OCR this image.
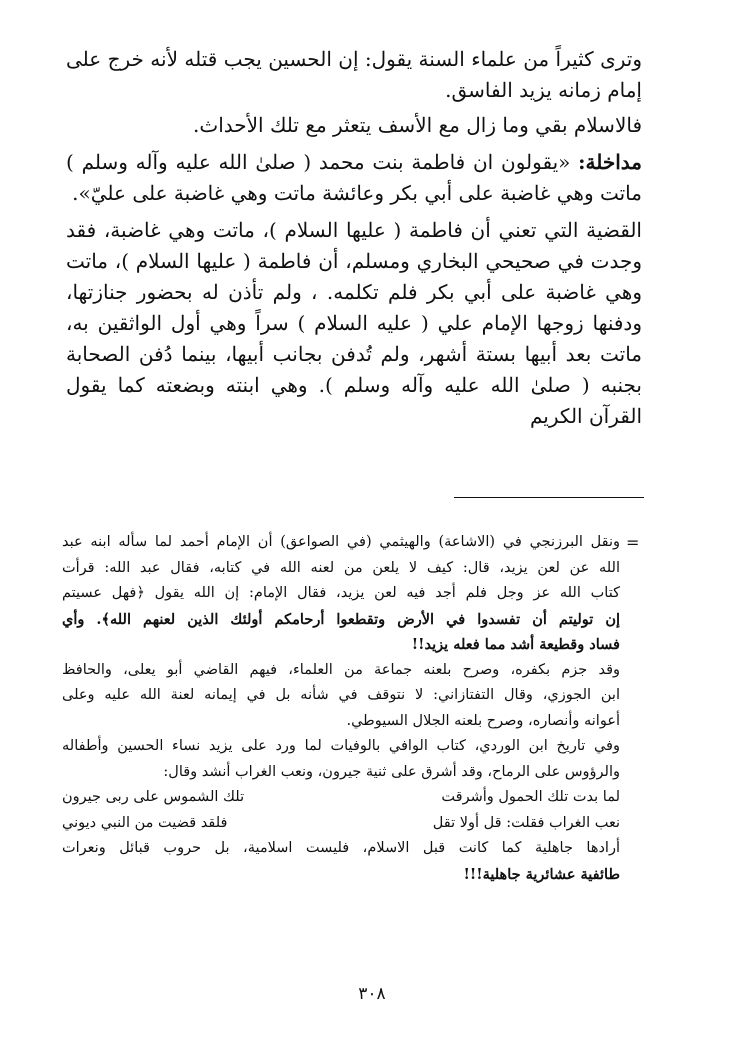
وترى كثيراً من علماء السنة يقول: إن الحسين يجب قتله لأنه خرج على إمام زمانه يزيد الفاسق.

فالاسلام بقي وما زال مع الأسف يتعثر مع تلك الأحداث.

مداخلة: «يقولون ان فاطمة بنت محمد ( صلىٰ الله عليه وآله وسلم ) ماتت وهي غاضبة على أبي بكر وعائشة ماتت وهي غاضبة على عليّ».

القضية التي تعني أن فاطمة ( عليها السلام )، ماتت وهي غاضبة، فقد وجدت في صحيحي البخاري ومسلم، أن فاطمة ( عليها السلام )، ماتت وهي غاضبة على أبي بكر فلم تكلمه. ، ولم تأذن له بحضور جنازتها، ودفنها زوجها الإمام علي ( عليه السلام ) سراً وهي أول الواثقين به، ماتت بعد أبيها بستة أشهر، ولم تُدفن بجانب أبيها، بينما دُفن الصحابة بجنبه ( صلىٰ الله عليه وآله وسلم ). وهي ابنته وبضعته كما يقول القرآن الكريم

=

ونقل البرزنجي في (الاشاعة) والهيثمي (في الصواعق) أن الإمام أحمد لما سأله ابنه عبد

الله عن لعن يزيد، قال: كيف لا يلعن من لعنه الله في كتابه، فقال عبد الله: قرأت

كتاب الله عز وجل فلم أجد فيه لعن يزيد، فقال الإمام: إن الله يقول ﴿فهل عسيتم

إن توليتم أن تفسدوا في الأرض وتقطعوا أرحامكم أولئك الذين لعنهم الله﴾. وأي

فساد وقطيعة أشد مما فعله يزيد!!

وقد جزم بكفره، وصرح بلعنه جماعة من العلماء، فيهم القاضي أبو يعلى، والحافظ

ابن الجوزي، وقال التفتازاني: لا نتوقف في شأنه بل في إيمانه لعنة الله عليه وعلى

أعوانه وأنصاره، وصرح بلعنه الجلال السيوطي.

وفي تاريخ ابن الوردي، كتاب الوافي بالوفيات لما ورد على يزيد نساء الحسين وأطفاله

والرؤوس على الرماح، وقد أشرق على ثنية جيرون، ونعب الغراب أنشد وقال:

لما بدت تلك الحمول وأشرقت
تلك الشموس على ربى جيرون
نعب الغراب فقلت: قل أولا تقل
فلقد قضيت من النبي ديوني

أرادها جاهلية كما كانت قبل الاسلام، فليست اسلامية، بل حروب قبائل ونعرات

طائفية عشائرية جاهلية!!!

٣٠٨
